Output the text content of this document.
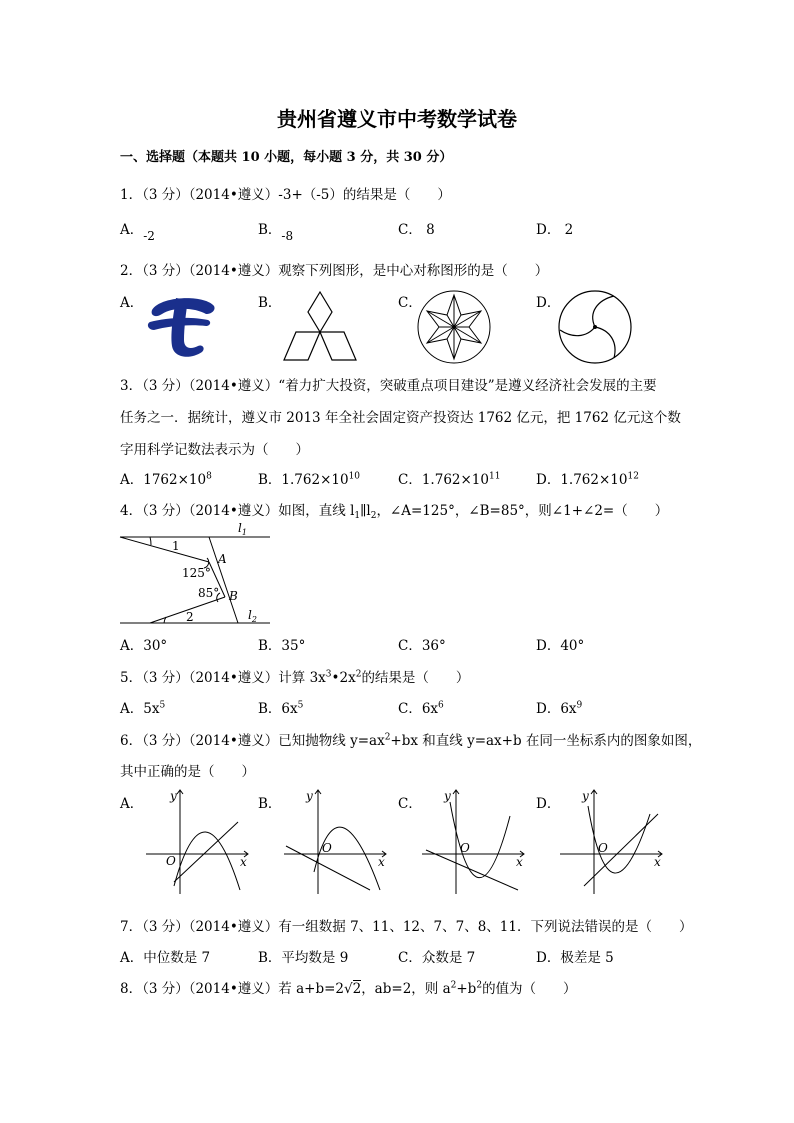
贵州省遵义市中考数学试卷
一、选择题（本题共 10 小题，每小题 3 分，共 30 分）
1．（3 分）（2014•遵义）-3+（-5）的结果是（　　）
A．-2	B．-8	C． 8	D． 2
2．（3 分）（2014•遵义）观察下列图形，是中心对称图形的是（　　）
A．	B．	C．	D．
3．（3 分）（2014•遵义）“着力扩大投资，突破重点项目建设”是遵义经济社会发展的主要
任务之一．据统计，遵义市 2013 年全社会固定资产投资达 1762 亿元，把 1762 亿元这个数
字用科学记数法表示为（　　）
A．$1762\times 10^8$	B．$1.762\times 10^{10}$	C．$1.762\times 10^{11}$	D．$1.762\times 10^{12}$
4．（3 分）（2014•遵义）如图，直线 $l_1\parallel l_2$，∠A=125°，∠B=85°，则∠1+∠2=（　　）
$l_1$
$l_2$
A
B
1
2
125°
85°
A．30°	B．35°	C．36°	D．40°
5．（3 分）（2014•遵义）计算 $3x^3•2x^2$的结果是（　　）
A．$5x^5$	B．$6x^5$	C．$6x^6$	D．$6x^9$
6．（3 分）（2014•遵义）已知抛物线 $y=ax^2+bx$ 和直线 y=ax+b 在同一坐标系内的图象如图，
其中正确的是（　　）
A．	B．	C．	D．
y
x
O
y
x
O
y
x
O
y
x
O
7．（3 分）（2014•遵义）有一组数据 7、11、12、7、7、8、11．下列说法错误的是（　　）
A．中位数是 7	B．平均数是 9	C．众数是 7	D．极差是 5
8．（3 分）（2014•遵义）若 a+b=2√2，ab=2，则 $a^2+b^2$的值为（　　）
